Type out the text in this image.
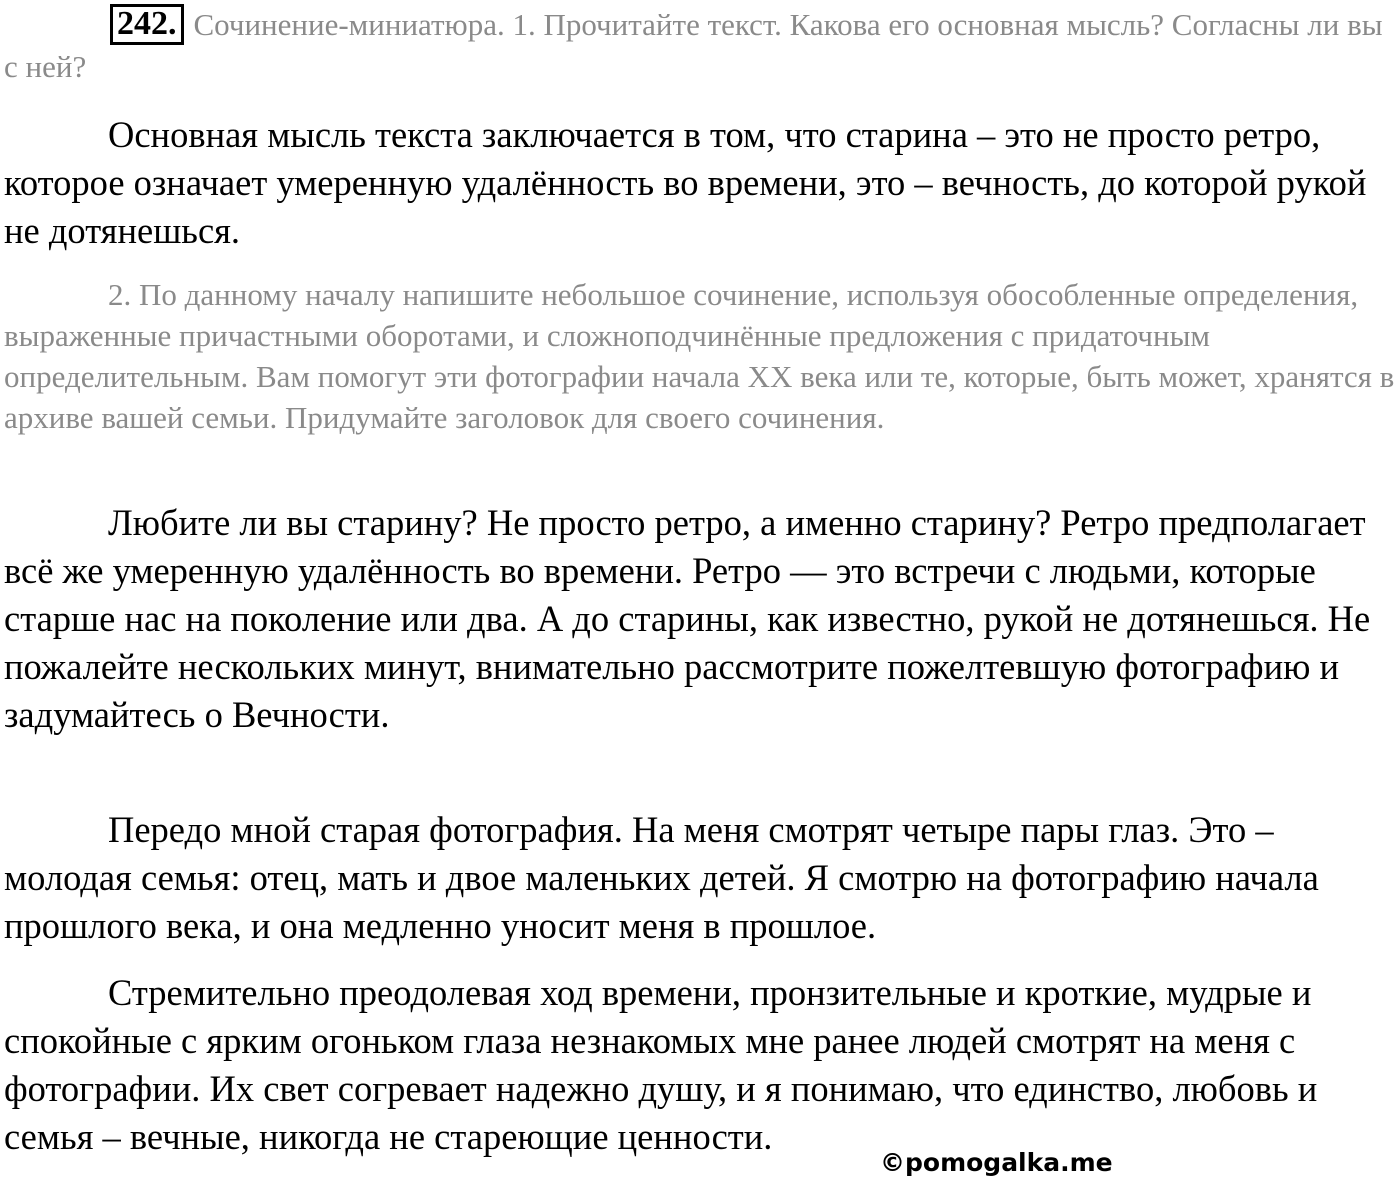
242. Сочинение-миниатюра. 1. Прочитайте текст. Какова его основная мысль? Согласны ли вы с ней?

Основная мысль текста заключается в том, что старина – это не просто ретро, которое означает умеренную удалённость во времени, это – вечность, до которой рукой не дотянешься.

2. По данному началу напишите небольшое сочинение, используя обособленные определения, выраженные причастными оборотами, и сложноподчинённые предложения с придаточным определительным. Вам помогут эти фотографии начала XX века или те, которые, быть может, хранятся в архиве вашей семьи. Придумайте заголовок для своего сочинения.

Любите ли вы старину? Не просто ретро, а именно старину? Ретро предполагает всё же умеренную удалённость во времени. Ретро — это встречи с людьми, которые старше нас на поколение или два. А до старины, как известно, рукой не дотянешься. Не пожалейте нескольких минут, внимательно рассмотрите пожелтевшую фотографию и задумайтесь о Вечности.

Передо мной старая фотография. На меня смотрят четыре пары глаз. Это – молодая семья: отец, мать и двое маленьких детей. Я смотрю на фотографию начала прошлого века, и она медленно уносит меня в прошлое.

Стремительно преодолевая ход времени, пронзительные и кроткие, мудрые и спокойные с ярким огоньком глаза незнакомых мне ранее людей смотрят на меня с фотографии. Их свет согревает надежно душу, и я понимаю, что единство, любовь и семья – вечные, никогда не стареющие ценности.

©pomogalka.me
